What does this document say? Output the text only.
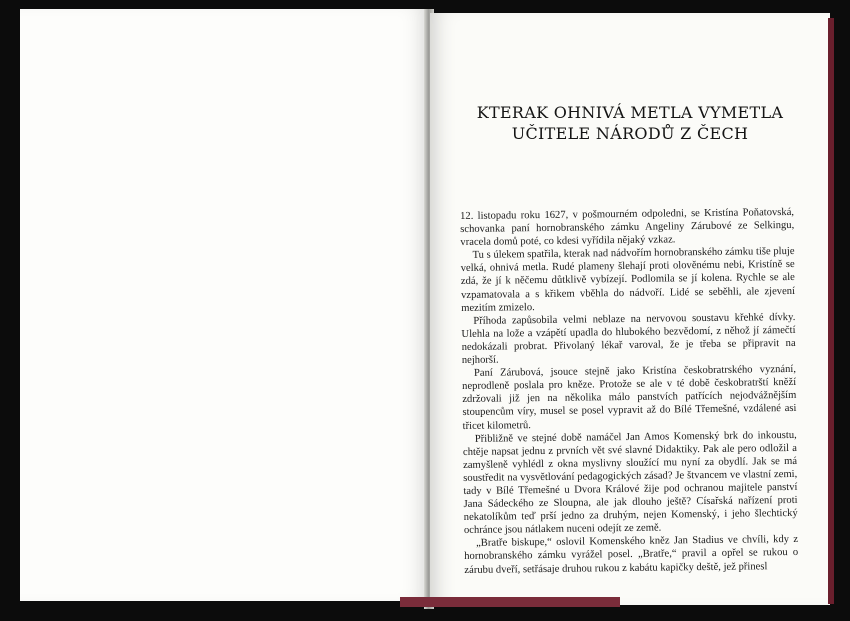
KTERAK OHNIVÁ METLA VYMETLA
UČITELE NÁRODŮ Z ČECH

12. listopadu roku 1627, v pošmourném odpoledni, se Kristína Poňatovská, schovanka paní hornobranského zámku Angeliny Zárubové ze Selkingu, vracela domů poté, co kdesi vyřídila nějaký vzkaz.

Tu s úlekem spatřila, kterak nad nádvořím hornobranského zámku tiše pluje velká, ohnivá metla. Rudé plameny šlehají proti olověnému nebi, Kristíně se zdá, že jí k něčemu důtklivě vybízejí. Podlomila se jí kolena. Rychle se ale vzpamatovala a s křikem vběhla do nádvoří. Lidé se seběhli, ale zjevení mezitím zmizelo.

Příhoda zapůsobila velmi neblaze na nervovou soustavu křehké dívky. Ulehla na lože a vzápětí upadla do hlubokého bezvědomí, z něhož jí zámečtí nedokázali probrat. Přivolaný lékař varoval, že je třeba se připravit na nejhorší.

Paní Zárubová, jsouce stejně jako Kristína českobratrského vyznání, neprodleně poslala pro kněze. Protože se ale v té době českobratrští kněží zdržovali již jen na několika málo panstvích patřících nejodvážnějším stoupencům víry, musel se posel vypravit až do Bílé Třemešné, vzdálené asi třicet kilometrů.

Přibližně ve stejné době namáčel Jan Amos Komenský brk do inkoustu, chtěje napsat jednu z prvních vět své slavné Didaktiky. Pak ale pero odložil a zamyšleně vyhlédl z okna myslivny sloužící mu nyní za obydlí. Jak se má soustředit na vysvětlování pedagogických zásad? Je štvancem ve vlastní zemi, tady v Bílé Třemešné u Dvora Králové žije pod ochranou majitele panství Jana Sádeckého ze Sloupna, ale jak dlouho ještě? Císařská nařízení proti nekatolíkům teď prší jedno za druhým, nejen Komenský, i jeho šlechtický ochránce jsou nátlakem nuceni odejít ze země.

„Bratře biskupe,“ oslovil Komenského kněz Jan Stadius ve chvíli, kdy z hornobranského zámku vyrážel posel. „Bratře,“ pravil a opřel se rukou o zárubu dveří, setřásaje druhou rukou z kabátu kapičky deště, jež přinesl
